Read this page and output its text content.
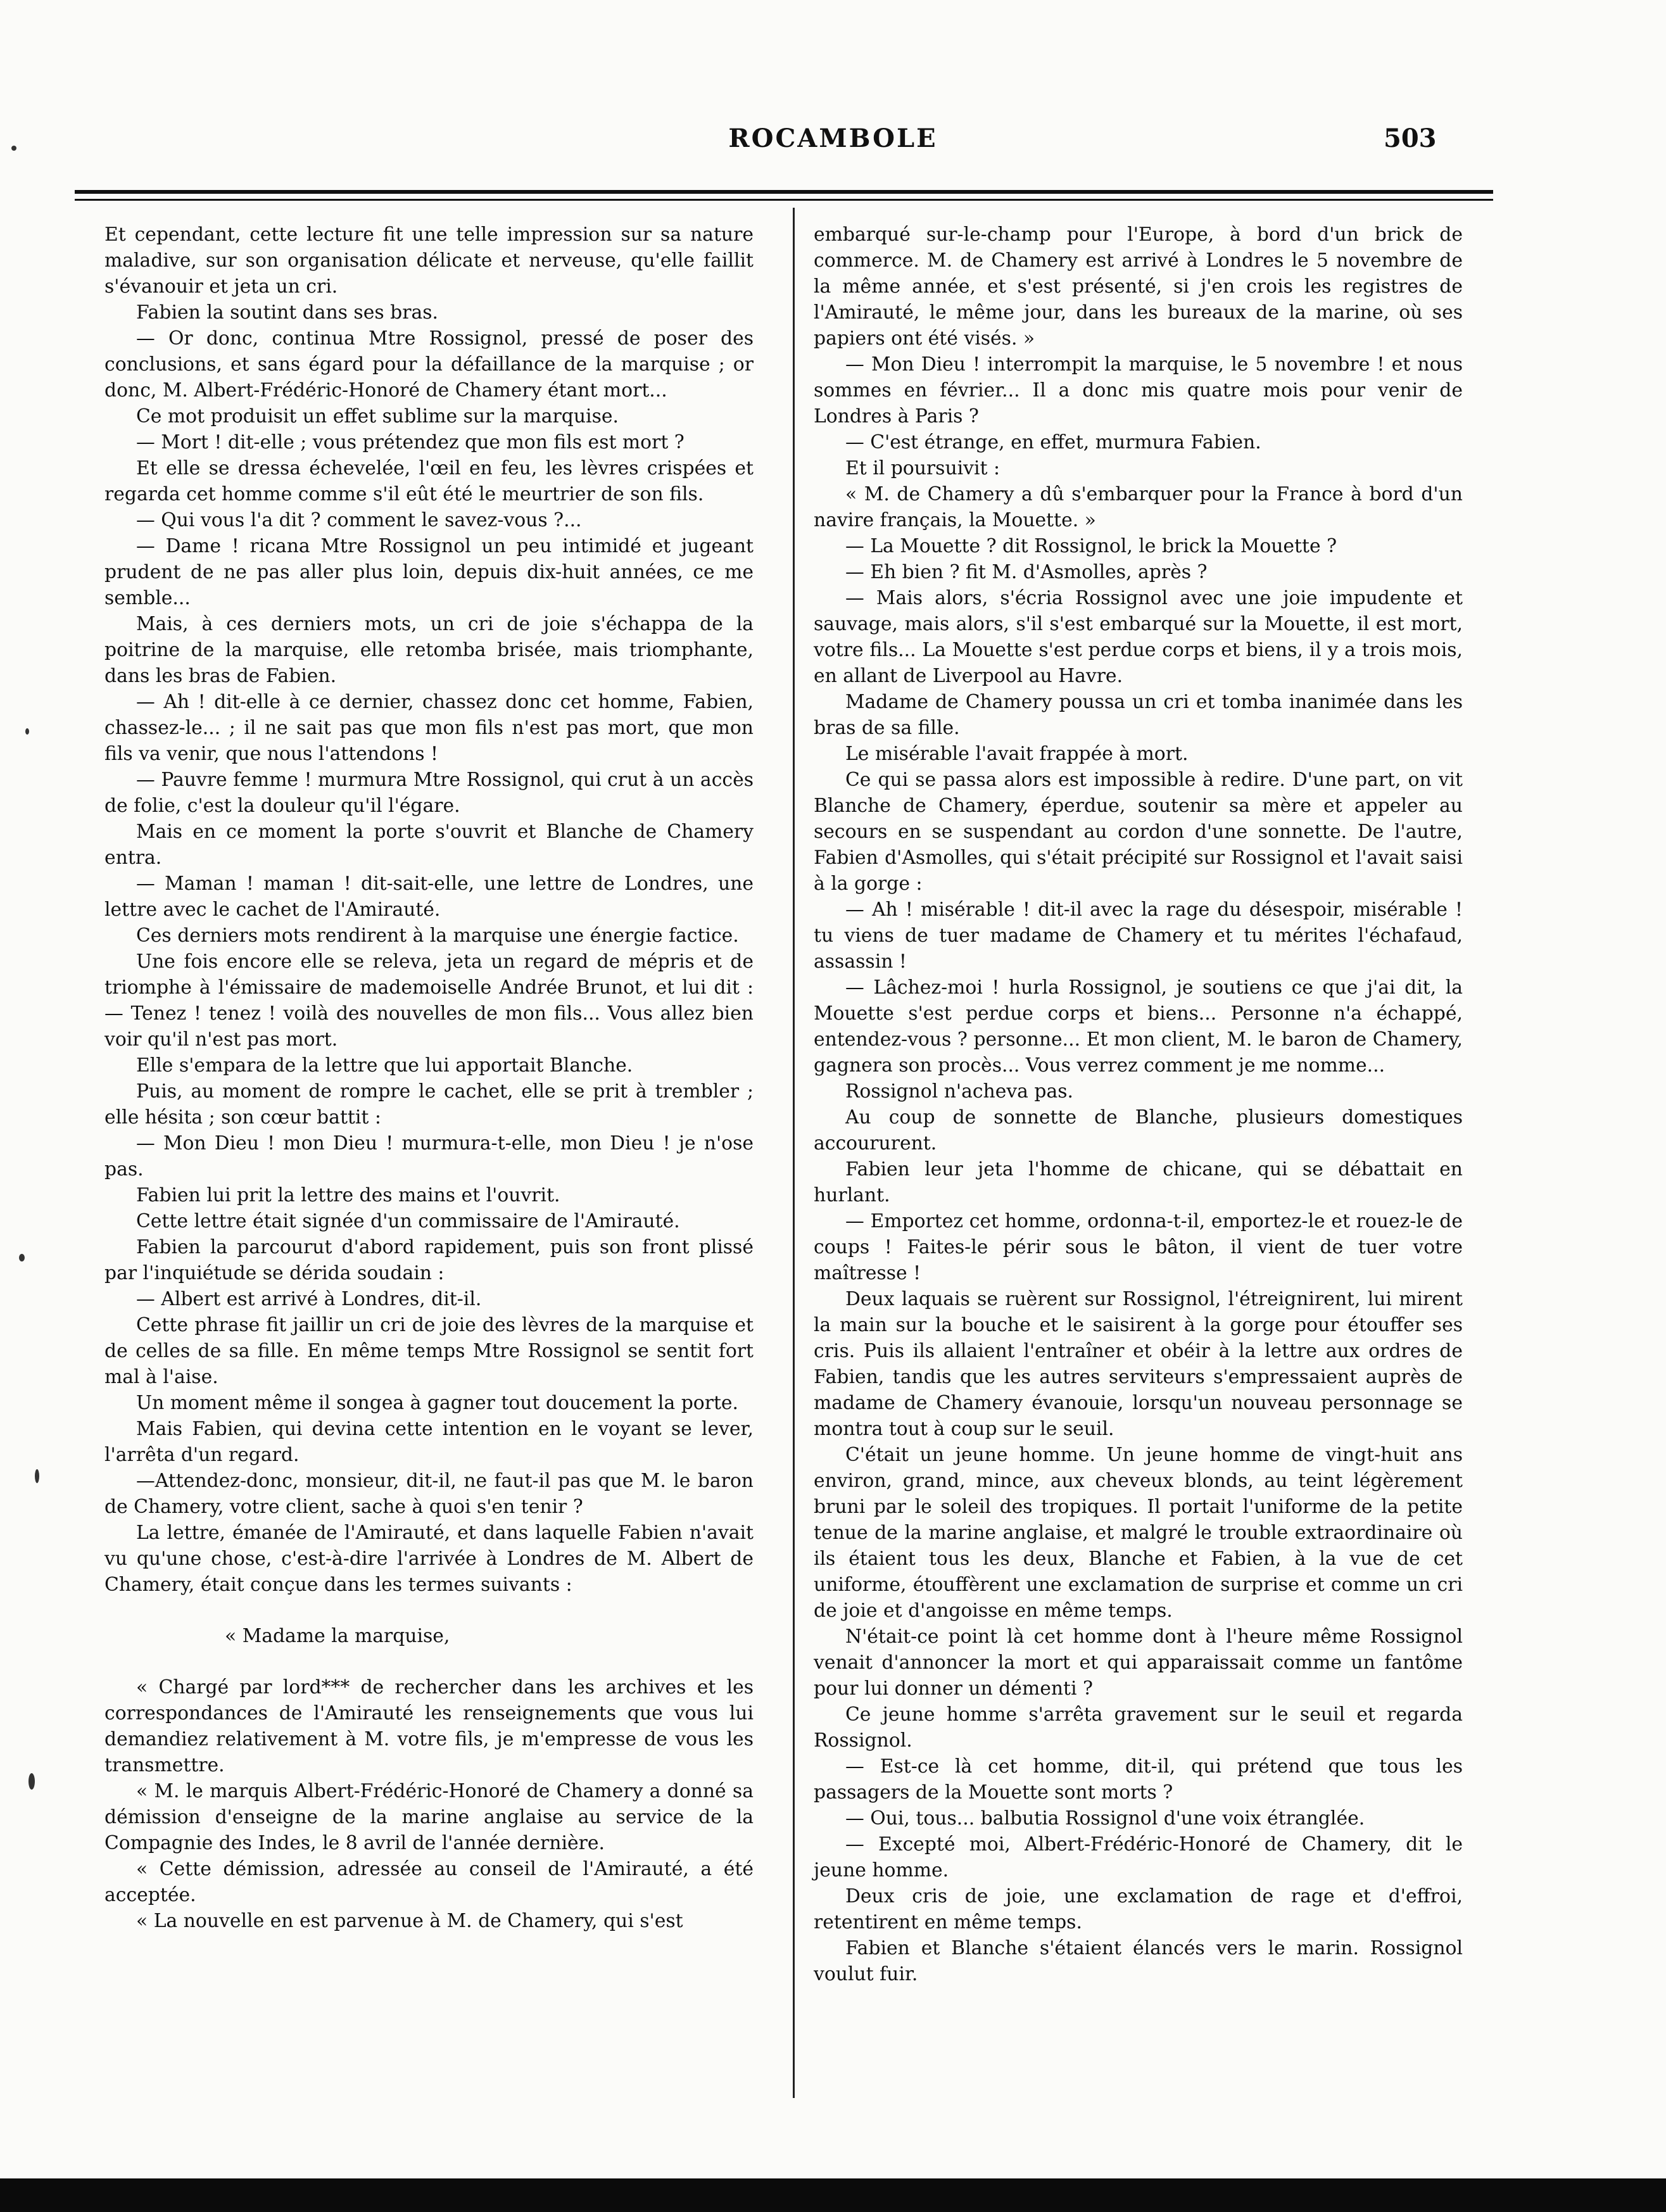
ROCAMBOLE	503

Et cependant, cette lecture fit une telle impression sur sa nature maladive, sur son organisation délicate et nerveuse, qu'elle faillit s'évanouir et jeta un cri.

Fabien la soutint dans ses bras.

— Or donc, continua Mtre Rossignol, pressé de poser des conclusions, et sans égard pour la défaillance de la marquise ; or donc, M. Albert-Frédéric-Honoré de Chamery étant mort...

Ce mot produisit un effet sublime sur la marquise.

— Mort ! dit-elle ; vous prétendez que mon fils est mort ?

Et elle se dressa échevelée, l'œil en feu, les lèvres crispées et regarda cet homme comme s'il eût été le meurtrier de son fils.

— Qui vous l'a dit ? comment le savez-vous ?...

— Dame ! ricana Mtre Rossignol un peu intimidé et jugeant prudent de ne pas aller plus loin, depuis dix-huit années, ce me semble...

Mais, à ces derniers mots, un cri de joie s'échappa de la poitrine de la marquise, elle retomba brisée, mais triomphante, dans les bras de Fabien.

— Ah ! dit-elle à ce dernier, chassez donc cet homme, Fabien, chassez-le... ; il ne sait pas que mon fils n'est pas mort, que mon fils va venir, que nous l'attendons !

— Pauvre femme ! murmura Mtre Rossignol, qui crut à un accès de folie, c'est la douleur qu'il l'égare.

Mais en ce moment la porte s'ouvrit et Blanche de Chamery entra.

— Maman ! maman ! dit-sait-elle, une lettre de Londres, une lettre avec le cachet de l'Amirauté.

Ces derniers mots rendirent à la marquise une énergie factice.

Une fois encore elle se releva, jeta un regard de mépris et de triomphe à l'émissaire de mademoiselle Andrée Brunot, et lui dit : — Tenez ! tenez ! voilà des nouvelles de mon fils... Vous allez bien voir qu'il n'est pas mort.

Elle s'empara de la lettre que lui apportait Blanche.

Puis, au moment de rompre le cachet, elle se prit à trembler ; elle hésita ; son cœur battit :

— Mon Dieu ! mon Dieu ! murmura-t-elle, mon Dieu ! je n'ose pas.

Fabien lui prit la lettre des mains et l'ouvrit.

Cette lettre était signée d'un commissaire de l'Amirauté.

Fabien la parcourut d'abord rapidement, puis son front plissé par l'inquiétude se dérida soudain :

— Albert est arrivé à Londres, dit-il.

Cette phrase fit jaillir un cri de joie des lèvres de la marquise et de celles de sa fille. En même temps Mtre Rossignol se sentit fort mal à l'aise.

Un moment même il songea à gagner tout doucement la porte.

Mais Fabien, qui devina cette intention en le voyant se lever, l'arrêta d'un regard.

—Attendez-donc, monsieur, dit-il, ne faut-il pas que M. le baron de Chamery, votre client, sache à quoi s'en tenir ?

La lettre, émanée de l'Amirauté, et dans laquelle Fabien n'avait vu qu'une chose, c'est-à-dire l'arrivée à Londres de M. Albert de Chamery, était conçue dans les termes suivants :

« Madame la marquise,

« Chargé par lord*** de rechercher dans les archives et les correspondances de l'Amirauté les renseignements que vous lui demandiez relativement à M. votre fils, je m'empresse de vous les transmettre.

« M. le marquis Albert-Frédéric-Honoré de Chamery a donné sa démission d'enseigne de la marine anglaise au service de la Compagnie des Indes, le 8 avril de l'année dernière.

« Cette démission, adressée au conseil de l'Amirauté, a été acceptée.

« La nouvelle en est parvenue à M. de Chamery, qui s'est

embarqué sur-le-champ pour l'Europe, à bord d'un brick de commerce. M. de Chamery est arrivé à Londres le 5 novembre de la même année, et s'est présenté, si j'en crois les registres de l'Amirauté, le même jour, dans les bureaux de la marine, où ses papiers ont été visés. »

— Mon Dieu ! interrompit la marquise, le 5 novembre ! et nous sommes en février... Il a donc mis quatre mois pour venir de Londres à Paris ?

— C'est étrange, en effet, murmura Fabien.

Et il poursuivit :

« M. de Chamery a dû s'embarquer pour la France à bord d'un navire français, la Mouette. »

— La Mouette ? dit Rossignol, le brick la Mouette ?

— Eh bien ? fit M. d'Asmolles, après ?

— Mais alors, s'écria Rossignol avec une joie impudente et sauvage, mais alors, s'il s'est embarqué sur la Mouette, il est mort, votre fils... La Mouette s'est perdue corps et biens, il y a trois mois, en allant de Liverpool au Havre.

Madame de Chamery poussa un cri et tomba inanimée dans les bras de sa fille.

Le misérable l'avait frappée à mort.

Ce qui se passa alors est impossible à redire. D'une part, on vit Blanche de Chamery, éperdue, soutenir sa mère et appeler au secours en se suspendant au cordon d'une sonnette. De l'autre, Fabien d'Asmolles, qui s'était précipité sur Rossignol et l'avait saisi à la gorge :

— Ah ! misérable ! dit-il avec la rage du désespoir, misérable ! tu viens de tuer madame de Chamery et tu mérites l'échafaud, assassin !

— Lâchez-moi ! hurla Rossignol, je soutiens ce que j'ai dit, la Mouette s'est perdue corps et biens... Personne n'a échappé, entendez-vous ? personne... Et mon client, M. le baron de Chamery, gagnera son procès... Vous verrez comment je me nomme...

Rossignol n'acheva pas.

Au coup de sonnette de Blanche, plusieurs domestiques accoururent.

Fabien leur jeta l'homme de chicane, qui se débattait en hurlant.

— Emportez cet homme, ordonna-t-il, emportez-le et rouez-le de coups ! Faites-le périr sous le bâton, il vient de tuer votre maîtresse !

Deux laquais se ruèrent sur Rossignol, l'étreignirent, lui mirent la main sur la bouche et le saisirent à la gorge pour étouffer ses cris. Puis ils allaient l'entraîner et obéir à la lettre aux ordres de Fabien, tandis que les autres serviteurs s'empressaient auprès de madame de Chamery évanouie, lorsqu'un nouveau personnage se montra tout à coup sur le seuil.

C'était un jeune homme. Un jeune homme de vingt-huit ans environ, grand, mince, aux cheveux blonds, au teint légèrement bruni par le soleil des tropiques. Il portait l'uniforme de la petite tenue de la marine anglaise, et malgré le trouble extraordinaire où ils étaient tous les deux, Blanche et Fabien, à la vue de cet uniforme, étouffèrent une exclamation de surprise et comme un cri de joie et d'angoisse en même temps.

N'était-ce point là cet homme dont à l'heure même Rossignol venait d'annoncer la mort et qui apparaissait comme un fantôme pour lui donner un démenti ?

Ce jeune homme s'arrêta gravement sur le seuil et regarda Rossignol.

— Est-ce là cet homme, dit-il, qui prétend que tous les passagers de la Mouette sont morts ?

— Oui, tous... balbutia Rossignol d'une voix étranglée.

— Excepté moi, Albert-Frédéric-Honoré de Chamery, dit le jeune homme.

Deux cris de joie, une exclamation de rage et d'effroi, retentirent en même temps.

Fabien et Blanche s'étaient élancés vers le marin. Rossignol voulut fuir.
